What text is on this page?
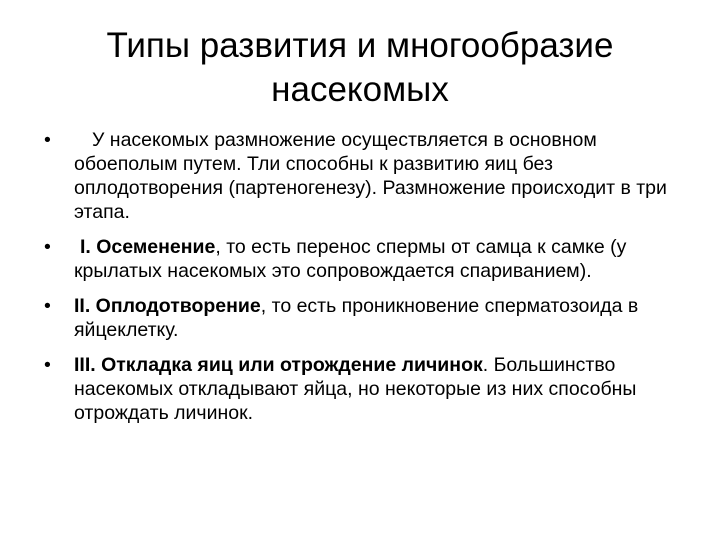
Типы развития и многообразие насекомых
• У насекомых размножение осуществляется в основном обоеполым путем. Тли способны к развитию яиц без оплодотворения (партеногенезу). Размножение происходит в три этапа.
• I. Осеменение, то есть перенос спермы от самца к самке (у крылатых насекомых это сопровождается спариванием).
• II. Оплодотворение, то есть проникновение сперматозоида в яйцеклетку.
• III. Откладка яиц или отрождение личинок. Большинство насекомых откладывают яйца, но некоторые из них способны отрождать личинок.
